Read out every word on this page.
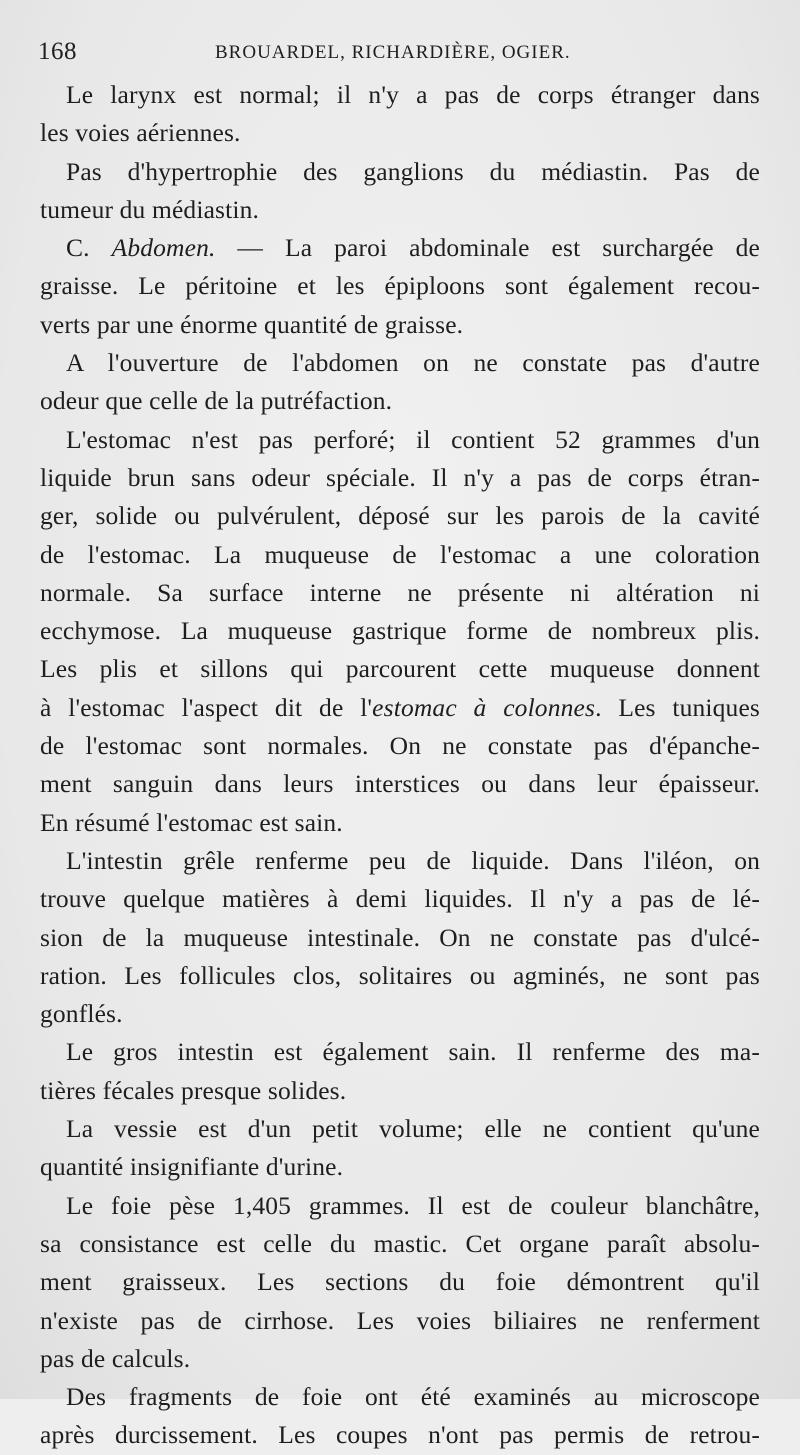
168	BROUARDEL, RICHARDIÈRE, OGIER.
Le larynx est normal; il n'y a pas de corps étranger dans
les voies aériennes.
Pas d'hypertrophie des ganglions du médiastin. Pas de
tumeur du médiastin.
C. Abdomen. — La paroi abdominale est surchargée de
graisse. Le péritoine et les épiploons sont également recou-
verts par une énorme quantité de graisse.
A l'ouverture de l'abdomen on ne constate pas d'autre
odeur que celle de la putréfaction.
L'estomac n'est pas perforé; il contient 52 grammes d'un
liquide brun sans odeur spéciale. Il n'y a pas de corps étran-
ger, solide ou pulvérulent, déposé sur les parois de la cavité
de l'estomac. La muqueuse de l'estomac a une coloration
normale. Sa surface interne ne présente ni altération ni
ecchymose. La muqueuse gastrique forme de nombreux plis.
Les plis et sillons qui parcourent cette muqueuse donnent
à l'estomac l'aspect dit de l'estomac à colonnes. Les tuniques
de l'estomac sont normales. On ne constate pas d'épanche-
ment sanguin dans leurs interstices ou dans leur épaisseur.
En résumé l'estomac est sain.
L'intestin grêle renferme peu de liquide. Dans l'iléon, on
trouve quelque matières à demi liquides. Il n'y a pas de lé-
sion de la muqueuse intestinale. On ne constate pas d'ulcé-
ration. Les follicules clos, solitaires ou agminés, ne sont pas
gonflés.
Le gros intestin est également sain. Il renferme des ma-
tières fécales presque solides.
La vessie est d'un petit volume; elle ne contient qu'une
quantité insignifiante d'urine.
Le foie pèse 1,405 grammes. Il est de couleur blanchâtre,
sa consistance est celle du mastic. Cet organe paraît absolu-
ment graisseux. Les sections du foie démontrent qu'il
n'existe pas de cirrhose. Les voies biliaires ne renferment
pas de calculs.
Des fragments de foie ont été examinés au microscope
après durcissement. Les coupes n'ont pas permis de retrou-
